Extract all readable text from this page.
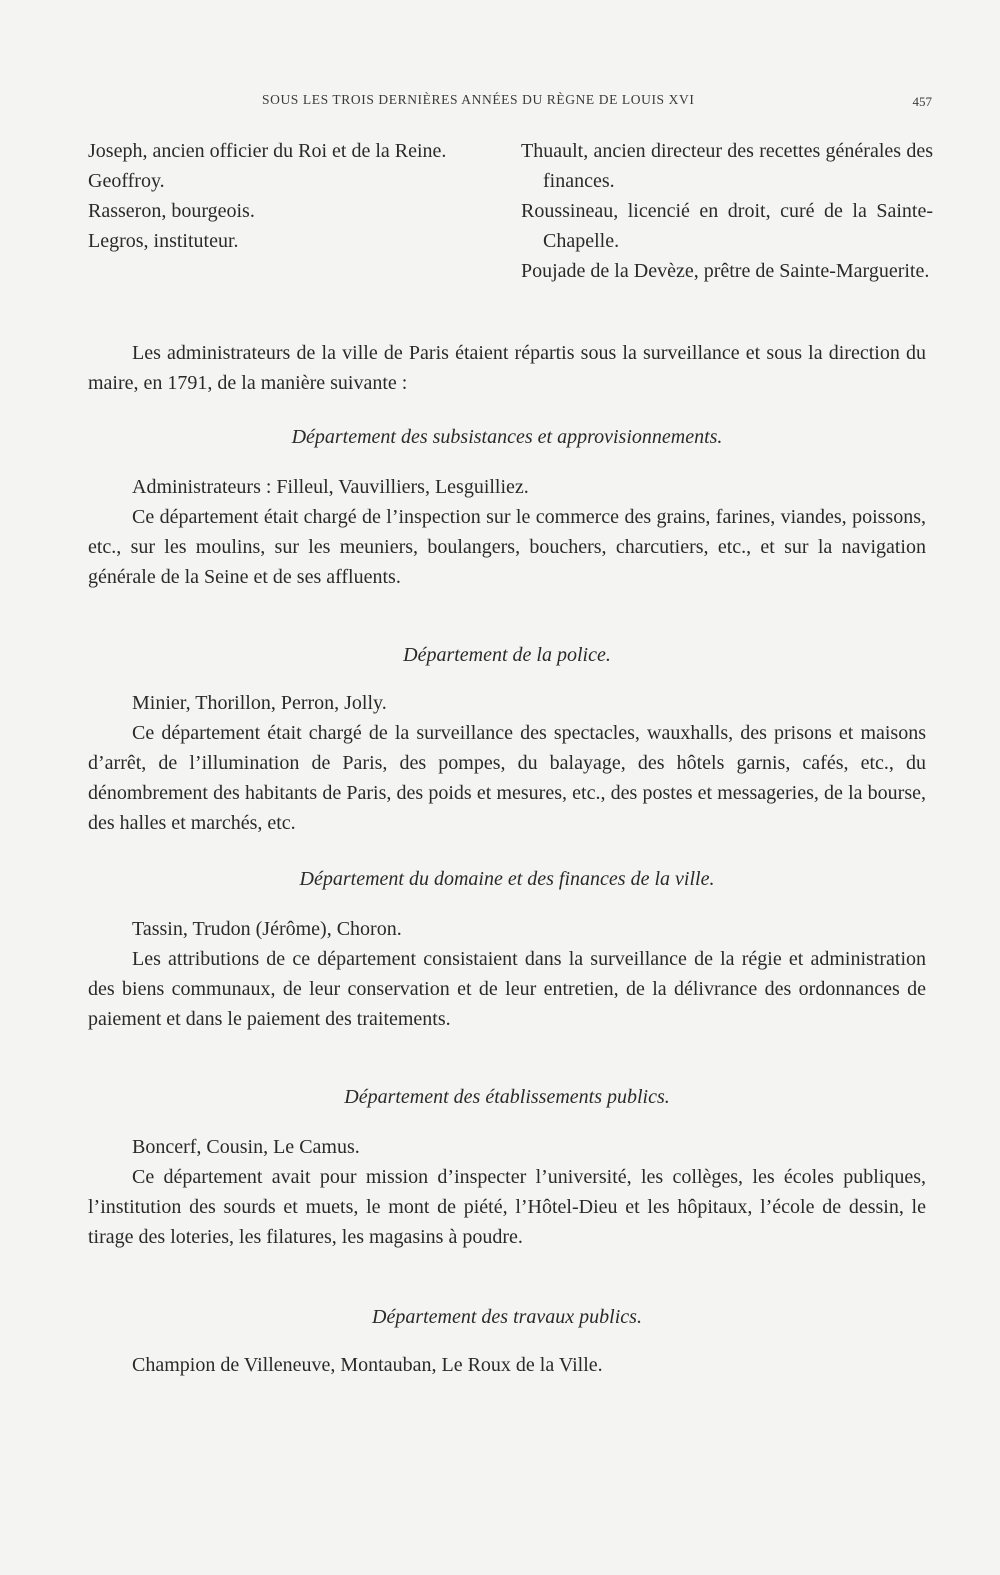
SOUS LES TROIS DERNIÈRES ANNÉES DU RÈGNE DE LOUIS XVI	457
Joseph, ancien officier du Roi et de la Reine.
Geoffroy.
Rasseron, bourgeois.
Legros, instituteur.
Thuault, ancien directeur des recettes générales des finances.
Roussineau, licencié en droit, curé de la Sainte-Chapelle.
Poujade de la Devèze, prêtre de Sainte-Marguerite.

Les administrateurs de la ville de Paris étaient répartis sous la surveillance et sous la direction du maire, en 1791, de la manière suivante :

Département des subsistances et approvisionnements.

Administrateurs : Filleul, Vauvilliers, Lesguilliez.

Ce département était chargé de l’inspection sur le commerce des grains, farines, viandes, poissons, etc., sur les moulins, sur les meuniers, boulangers, bouchers, charcutiers, etc., et sur la navigation générale de la Seine et de ses affluents.

Département de la police.

Minier, Thorillon, Perron, Jolly.

Ce département était chargé de la surveillance des spectacles, wauxhalls, des prisons et maisons d’arrêt, de l’illumination de Paris, des pompes, du balayage, des hôtels garnis, cafés, etc., du dénombrement des habitants de Paris, des poids et mesures, etc., des postes et messageries, de la bourse, des halles et marchés, etc.

Département du domaine et des finances de la ville.

Tassin, Trudon (Jérôme), Choron.

Les attributions de ce département consistaient dans la surveillance de la régie et administration des biens communaux, de leur conservation et de leur entretien, de la délivrance des ordonnances de paiement et dans le paiement des traitements.

Département des établissements publics.

Boncerf, Cousin, Le Camus.

Ce département avait pour mission d’inspecter l’université, les collèges, les écoles publiques, l’institution des sourds et muets, le mont de piété, l’Hôtel-Dieu et les hôpitaux, l’école de dessin, le tirage des loteries, les filatures, les magasins à poudre.

Département des travaux publics.

Champion de Villeneuve, Montauban, Le Roux de la Ville.
